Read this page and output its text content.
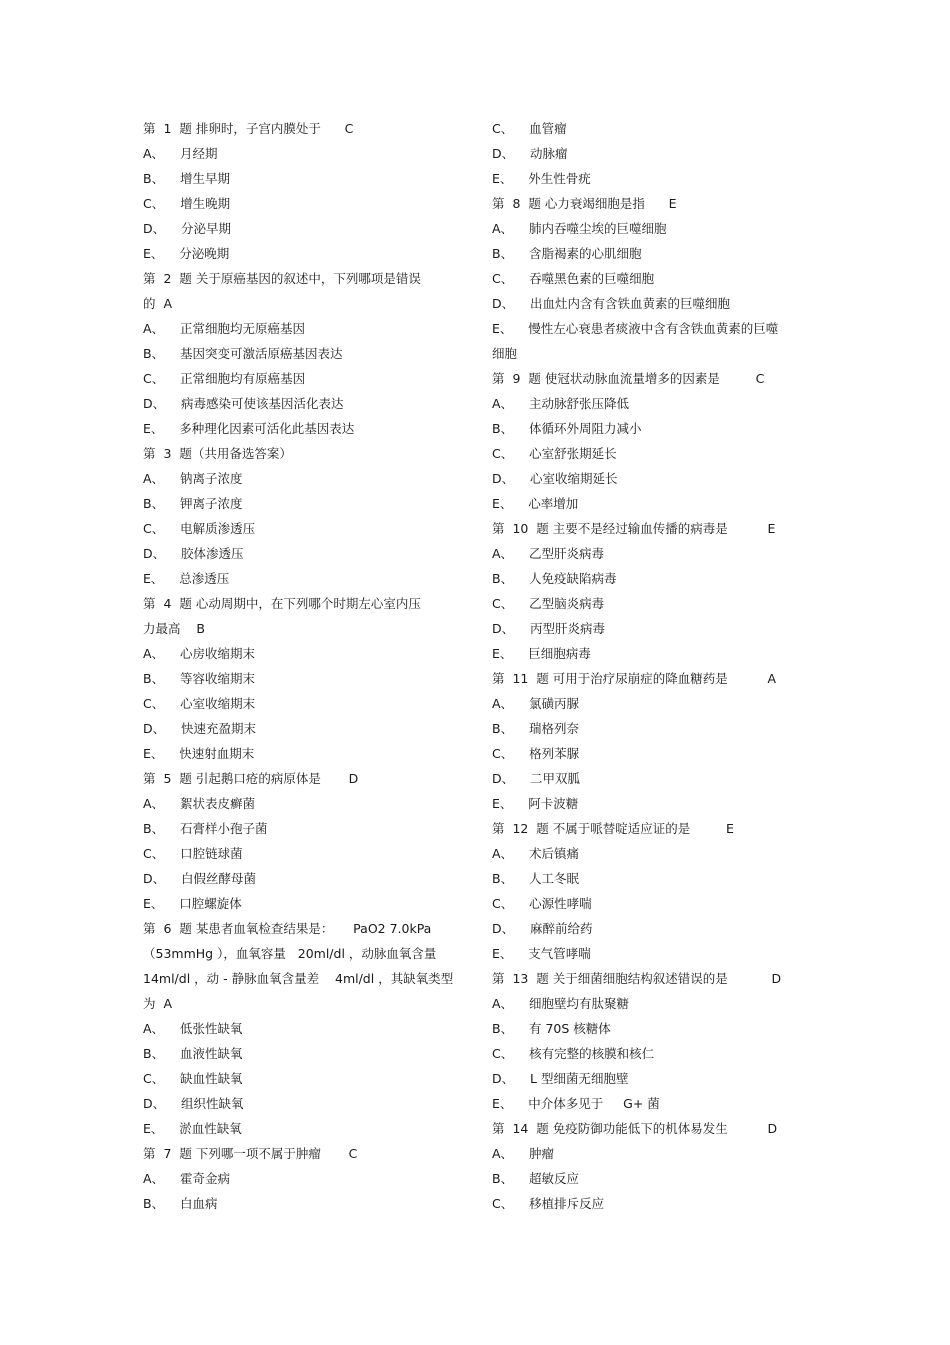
第  1  题 排卵时，子宫内膜处于      C
A、    月经期
B、    增生早期
C、    增生晚期
D、    分泌早期
E、    分泌晚期
第  2  题 关于原癌基因的叙述中，下列哪项是错误
的  A
A、    正常细胞均无原癌基因
B、    基因突变可激活原癌基因表达
C、    正常细胞均有原癌基因
D、    病毒感染可使该基因活化表达
E、    多种理化因素可活化此基因表达
第  3  题（共用备选答案）
A、    钠离子浓度
B、    钾离子浓度
C、    电解质渗透压
D、    胶体渗透压
E、    总渗透压
第  4  题 心动周期中，在下列哪个时期左心室内压
力最高    B
A、    心房收缩期末
B、    等容收缩期末
C、    心室收缩期末
D、    快速充盈期末
E、    快速射血期末
第  5  题 引起鹅口疮的病原体是       D
A、    絮状表皮癣菌
B、    石膏样小孢子菌
C、    口腔链球菌
D、    白假丝酵母菌
E、    口腔螺旋体
第  6  题 某患者血氧检查结果是：     PaO2 7.0kPa
（53mmHg ），血氧容量   20ml/dl ，动脉血氧含量
14ml/dl ，动 - 静脉血氧含量差    4ml/dl ，其缺氧类型
为  A
A、    低张性缺氧
B、    血液性缺氧
C、    缺血性缺氧
D、    组织性缺氧
E、    淤血性缺氧
第  7  题 下列哪一项不属于肿瘤       C
A、    霍奇金病
B、    白血病
C、    血管瘤
D、    动脉瘤
E、    外生性骨疣
第  8  题 心力衰竭细胞是指      E
A、    肺内吞噬尘埃的巨噬细胞
B、    含脂褐素的心肌细胞
C、    吞噬黑色素的巨噬细胞
D、    出血灶内含有含铁血黄素的巨噬细胞
E、    慢性左心衰患者痰液中含有含铁血黄素的巨噬
细胞
第  9  题 使冠状动脉血流量增多的因素是         C
A、    主动脉舒张压降低
B、    体循环外周阻力减小
C、    心室舒张期延长
D、    心室收缩期延长
E、    心率增加
第  10  题 主要不是经过输血传播的病毒是          E
A、    乙型肝炎病毒
B、    人免疫缺陷病毒
C、    乙型脑炎病毒
D、    丙型肝炎病毒
E、    巨细胞病毒
第  11  题 可用于治疗尿崩症的降血糖药是          A
A、    氯磺丙脲
B、    瑞格列奈
C、    格列苯脲
D、    二甲双胍
E、    阿卡波糖
第  12  题 不属于哌替啶适应证的是         E
A、    术后镇痛
B、    人工冬眠
C、    心源性哮喘
D、    麻醉前给药
E、    支气管哮喘
第  13  题 关于细菌细胞结构叙述错误的是           D
A、    细胞壁均有肽聚糖
B、    有 70S 核糖体
C、    核有完整的核膜和核仁
D、    L 型细菌无细胞壁
E、    中介体多见于     G+ 菌
第  14  题 免疫防御功能低下的机体易发生          D
A、    肿瘤
B、    超敏反应
C、    移植排斥反应
